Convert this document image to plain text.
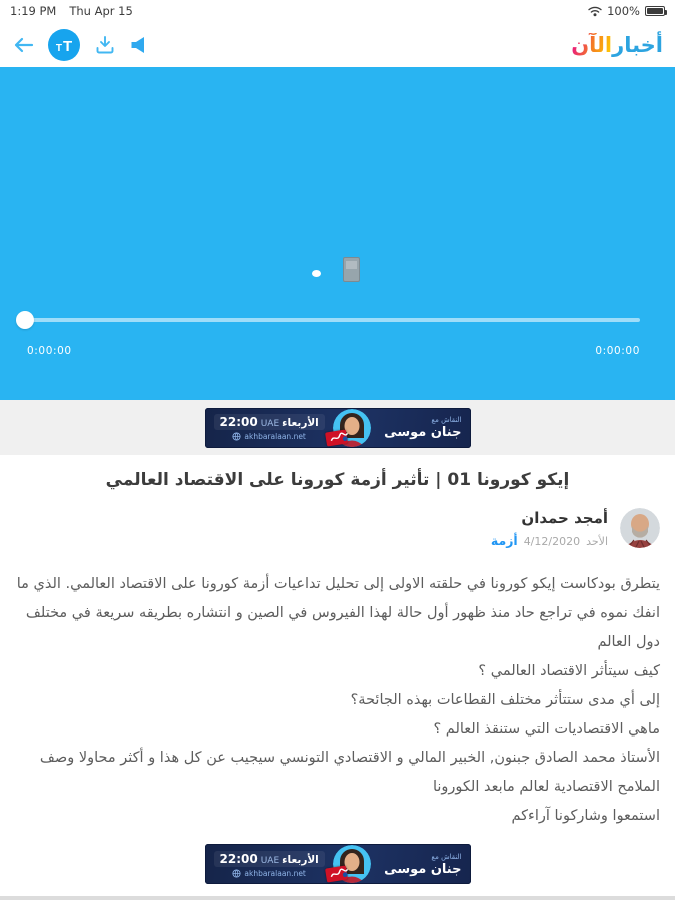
1:19 PM Thu Apr 15	100%
T T	أخبار
الآن
0:00:00	0:00:00
النقاش مع
جنان موسى
22:00 UAE الأربعاء
akhbaralaan.net
إيكو كورونا 01 | تأثير أزمة كورونا على الاقتصاد العالمي
أمجد حمدان
الأحد
4/12/2020
أزمة
يتطرق بودكاست إيكو كورونا في حلقته الاولى إلى تحليل تداعيات أزمة كورونا على الاقتصاد العالمي. الذي ما انفك نموه في تراجع حاد منذ ظهور أول حالة لهذا الفيروس في الصين و انتشاره بطريقه سريعة في مختلف دول العالم
كيف سيتأثر الاقتصاد العالمي ؟
إلى أي مدى ستتأثر مختلف القطاعات بهذه الجائحة؟
ماهي الاقتصاديات التي ستنقذ العالم ؟
الأستاذ محمد الصادق جبنون, الخبير المالي و الاقتصادي التونسي سيجيب عن كل هذا و أكثر محاولا وصف الملامح الاقتصادية لعالم مابعد الكورونا
استمعوا وشاركونا آراءكم
النقاش مع
جنان موسى
22:00 UAE الأربعاء
akhbaralaan.net
